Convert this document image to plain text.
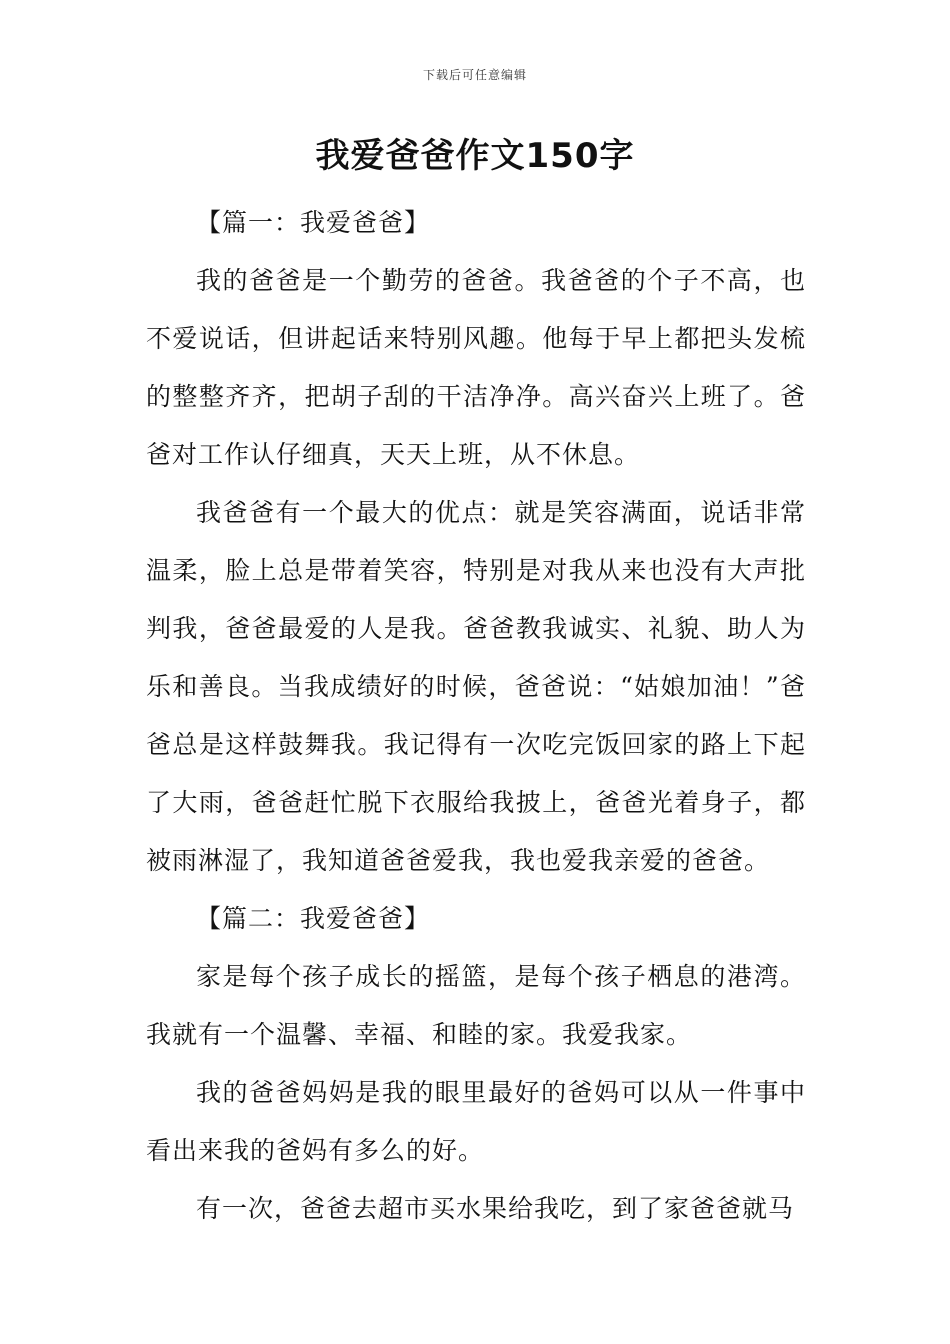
下载后可任意编辑
我爱爸爸作文150字

【篇一：我爱爸爸】

我的爸爸是一个勤劳的爸爸。我爸爸的个子不高，也不爱说话，但讲起话来特别风趣。他每于早上都把头发梳的整整齐齐，把胡子刮的干洁净净。高兴奋兴上班了。爸爸对工作认仔细真，天天上班，从不休息。

我爸爸有一个最大的优点：就是笑容满面，说话非常温柔，脸上总是带着笑容，特别是对我从来也没有大声批判我，爸爸最爱的人是我。爸爸教我诚实、礼貌、助人为乐和善良。当我成绩好的时候，爸爸说：“姑娘加油！”爸爸总是这样鼓舞我。我记得有一次吃完饭回家的路上下起了大雨，爸爸赶忙脱下衣服给我披上，爸爸光着身子，都被雨淋湿了，我知道爸爸爱我，我也爱我亲爱的爸爸。

【篇二：我爱爸爸】

家是每个孩子成长的摇篮，是每个孩子栖息的港湾。我就有一个温馨、幸福、和睦的家。我爱我家。

我的爸爸妈妈是我的眼里最好的爸妈可以从一件事中看出来我的爸妈有多么的好。

有一次，爸爸去超市买水果给我吃，到了家爸爸就马
